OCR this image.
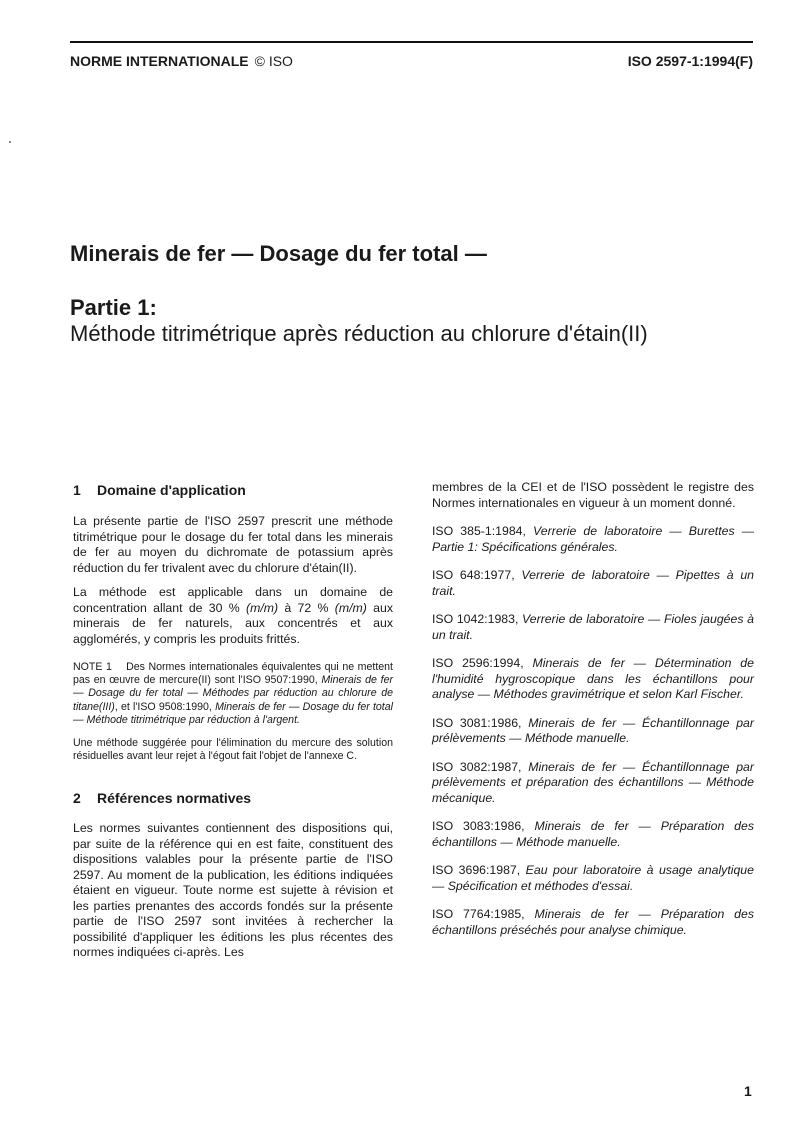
NORME INTERNATIONALE © ISO	ISO 2597-1:1994(F)
Minerais de fer — Dosage du fer total —
Partie 1:
Méthode titrimétrique après réduction au chlorure d'étain(II)
1 Domaine d'application

La présente partie de l'ISO 2597 prescrit une méthode titrimétrique pour le dosage du fer total dans les minerais de fer au moyen du dichromate de potassium après réduction du fer trivalent avec du chlorure d'étain(II).

La méthode est applicable dans un domaine de concentration allant de 30 % (m/m) à 72 % (m/m) aux minerais de fer naturels, aux concentrés et aux agglomérés, y compris les produits frittés.

NOTE 1 Des Normes internationales équivalentes qui ne mettent pas en œuvre de mercure(II) sont l'ISO 9507:1990, Minerais de fer — Dosage du fer total — Méthodes par réduction au chlorure de titane(III), et l'ISO 9508:1990, Minerais de fer — Dosage du fer total — Méthode titrimétrique par réduction à l'argent.

Une méthode suggérée pour l'élimination du mercure des solution résiduelles avant leur rejet à l'égout fait l'objet de l'annexe C.

2 Références normatives

Les normes suivantes contiennent des dispositions qui, par suite de la référence qui en est faite, constituent des dispositions valables pour la présente partie de l'ISO 2597. Au moment de la publication, les éditions indiquées étaient en vigueur. Toute norme est sujette à révision et les parties prenantes des accords fondés sur la présente partie de l'ISO 2597 sont invitées à rechercher la possibilité d'appliquer les éditions les plus récentes des normes indiquées ci-après. Les

membres de la CEI et de l'ISO possèdent le registre des Normes internationales en vigueur à un moment donné.

ISO 385-1:1984, Verrerie de laboratoire — Burettes — Partie 1: Spécifications générales.

ISO 648:1977, Verrerie de laboratoire — Pipettes à un trait.

ISO 1042:1983, Verrerie de laboratoire — Fioles jaugées à un trait.

ISO 2596:1994, Minerais de fer — Détermination de l'humidité hygroscopique dans les échantillons pour analyse — Méthodes gravimétrique et selon Karl Fischer.

ISO 3081:1986, Minerais de fer — Échantillonnage par prélèvements — Méthode manuelle.

ISO 3082:1987, Minerais de fer — Échantillonnage par prélèvements et préparation des échantillons — Méthode mécanique.

ISO 3083:1986, Minerais de fer — Préparation des échantillons — Méthode manuelle.

ISO 3696:1987, Eau pour laboratoire à usage analytique — Spécification et méthodes d'essai.

ISO 7764:1985, Minerais de fer — Préparation des échantillons préséchés pour analyse chimique.

1
